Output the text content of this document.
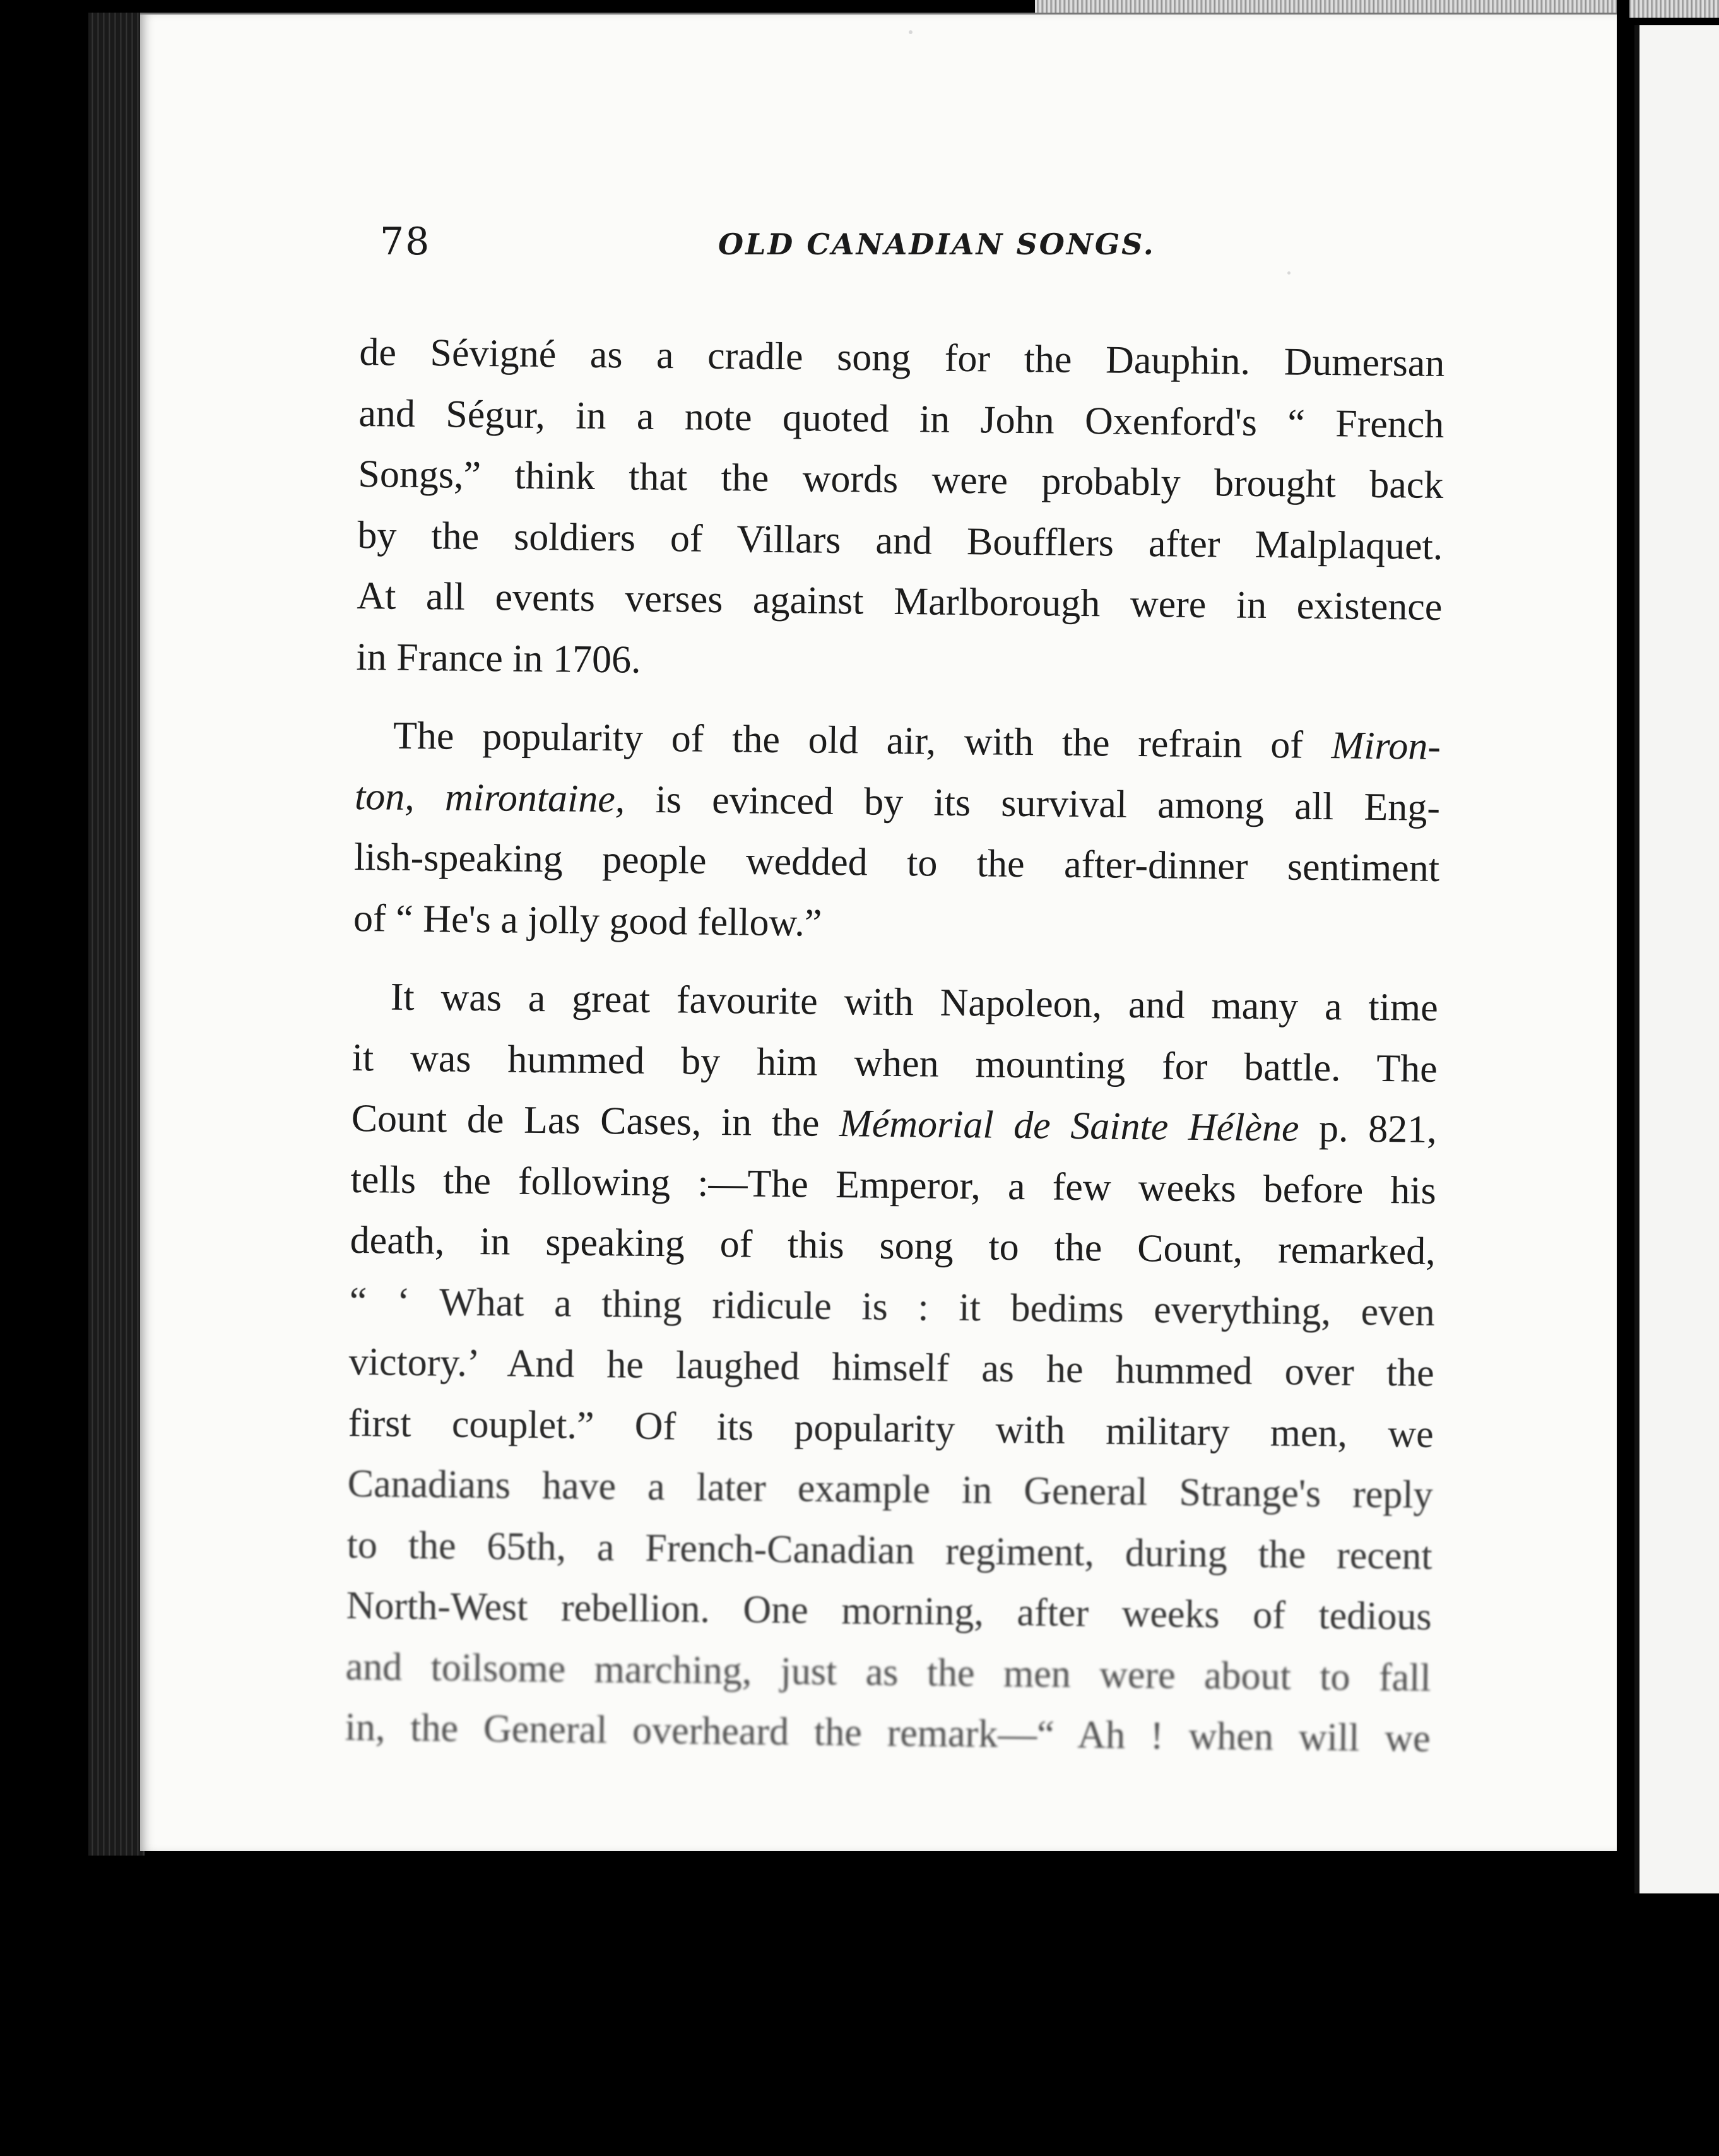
78	OLD CANADIAN SONGS.
de Sévigné as a cradle song for the Dauphin. Dumersan
and Ségur, in a note quoted in John Oxenford's “ French
Songs,” think that the words were probably brought back
by the soldiers of Villars and Boufflers after Malplaquet.
At all events verses against Marlborough were in existence
in France in 1706.
The popularity of the old air, with the refrain of Miron-
ton, mirontaine, is evinced by its survival among all Eng-
lish-speaking people wedded to the after-dinner sentiment
of “ He's a jolly good fellow.”
It was a great favourite with Napoleon, and many a time
it was hummed by him when mounting for battle. The
Count de Las Cases, in the Mémorial de Sainte Hélène p. 821,
tells the following :—The Emperor, a few weeks before his
death, in speaking of this song to the Count, remarked,
“ ‘ What a thing ridicule is : it bedims everything, even
victory.’ And he laughed himself as he hummed over the
first couplet.” Of its popularity with military men, we
Canadians have a later example in General Strange's reply
to the 65th, a French-Canadian regiment, during the recent
North-West rebellion. One morning, after weeks of tedious
and toilsome marching, just as the men were about to fall
in, the General overheard the remark—“ Ah ! when will we
